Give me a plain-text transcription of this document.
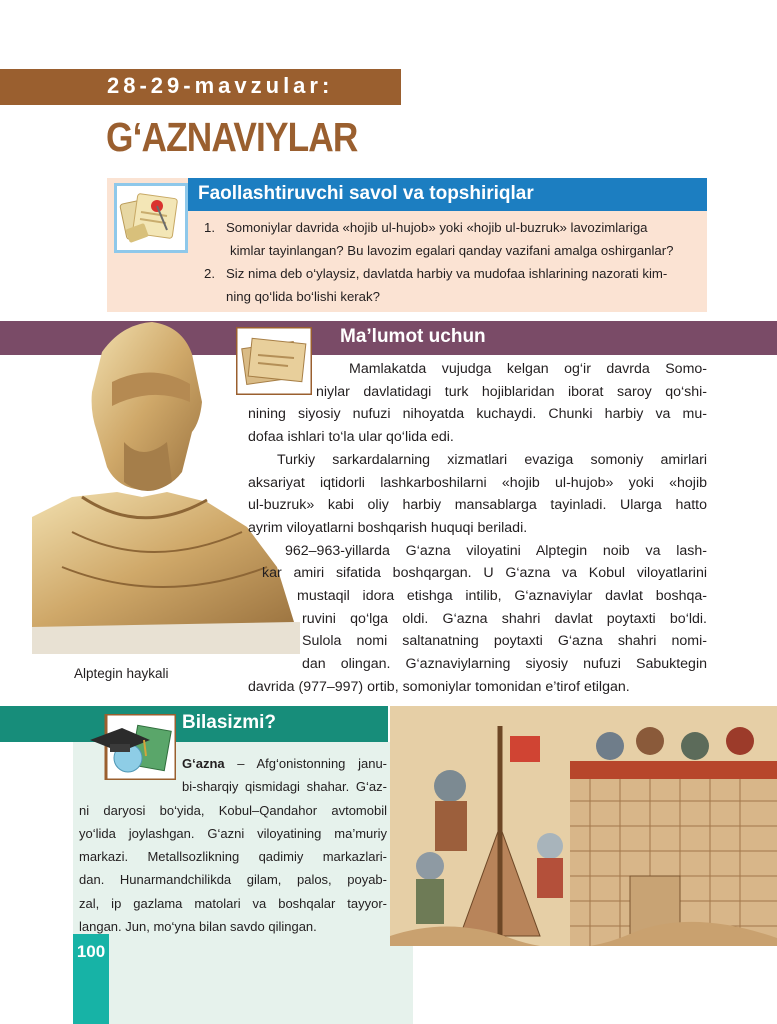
28-29-mavzular:
G‘AZNAVIYLAR
Faollashtiruvchi savol va topshiriqlar
1. Somoniylar davrida «hojib ul-hujob» yoki «hojib ul-buzruk» lavozimlariga
kimlar tayinlangan? Bu lavozim egalari qanday vazifani amalga oshirganlar?
2. Siz nima deb o‘ylaysiz, davlatda harbiy va mudofaa ishlarining nazorati kim-
ning qo‘lida bo‘lishi kerak?
Ma’lumot uchun
Mamlakatda vujudga kelgan og‘ir davrda Somo-
niylar davlatidagi turk hojiblaridan iborat saroy qo‘shi-
nining siyosiy nufuzi nihoyatda kuchaydi. Chunki harbiy va mu-
dofaa ishlari to‘la ular qo‘lida edi.
Turkiy sarkardalarning xizmatlari evaziga somoniy amirlari
aksariyat iqtidorli lashkarboshilarni «hojib ul-hujob» yoki «hojib
ul-buzruk» kabi oliy harbiy mansablarga tayinladi. Ularga hatto
ayrim viloyatlarni boshqarish huquqi beriladi.
962–963-yillarda G‘azna viloyatini Alptegin noib va lash-
kar amiri sifatida boshqargan. U G‘azna va Kobul viloyatlarini
mustaqil idora etishga intilib, G‘aznaviylar davlat boshqa-
ruvini qo‘lga oldi. G‘azna shahri davlat poytaxti bo‘ldi.
Sulola nomi saltanatning poytaxti G‘azna shahri nomi-
dan olingan. G‘aznaviylarning siyosiy nufuzi Sabuktegin
davrida (977–997) ortib, somoniylar tomonidan e’tirof etilgan.
Alptegin haykali
Bilasizmi?
G‘azna – Afg‘onistonning janu-
bi-sharqiy qismidagi shahar. G‘az-
ni daryosi bo‘yida, Kobul–Qandahor avtomobil
yo‘lida joylashgan. G‘azni viloyatining ma’muriy
markazi. Metallsozlikning qadimiy markazlari-
dan. Hunarmandchilikda gilam, palos, poyab-
zal, ip gazlama matolari va boshqalar tayyor-
langan. Jun, mo‘yna bilan savdo qilingan.
100
